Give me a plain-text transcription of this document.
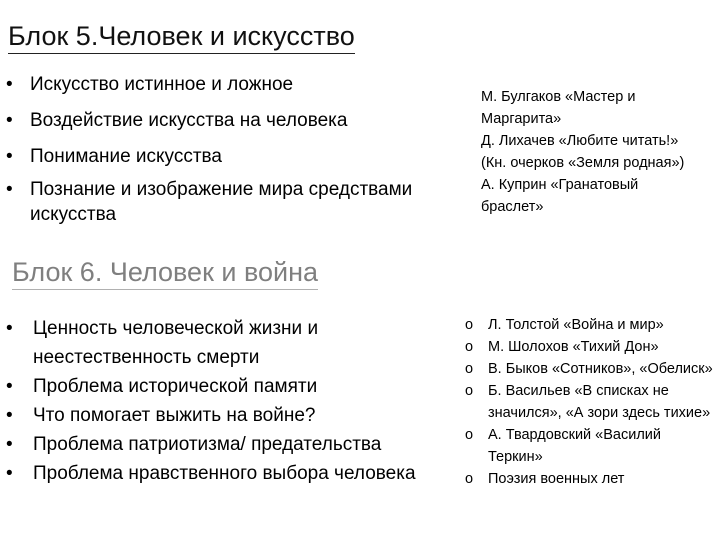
Блок 5.Человек и искусство
• Искусство истинное и ложное
• Воздействие искусства на человека
• Понимание искусства
• Познание и изображение мира средствами искусства
М. Булгаков «Мастер и
Маргарита»
Д. Лихачев «Любите читать!»
(Кн. очерков «Земля родная»)
А. Куприн «Гранатовый
браслет»
Блок 6. Человек и война
• Ценность человеческой жизни и неестественность смерти
• Проблема исторической памяти
• Что помогает выжить на войне?
• Проблема патриотизма/ предательства
• Проблема нравственного выбора человека
o Л. Толстой «Война и мир»
o М. Шолохов «Тихий Дон»
o В. Быков «Сотников», «Обелиск»
o Б. Васильев «В списках не значился», «А зори здесь тихие»
o А. Твардовский «Василий Теркин»
o Поэзия военных лет
